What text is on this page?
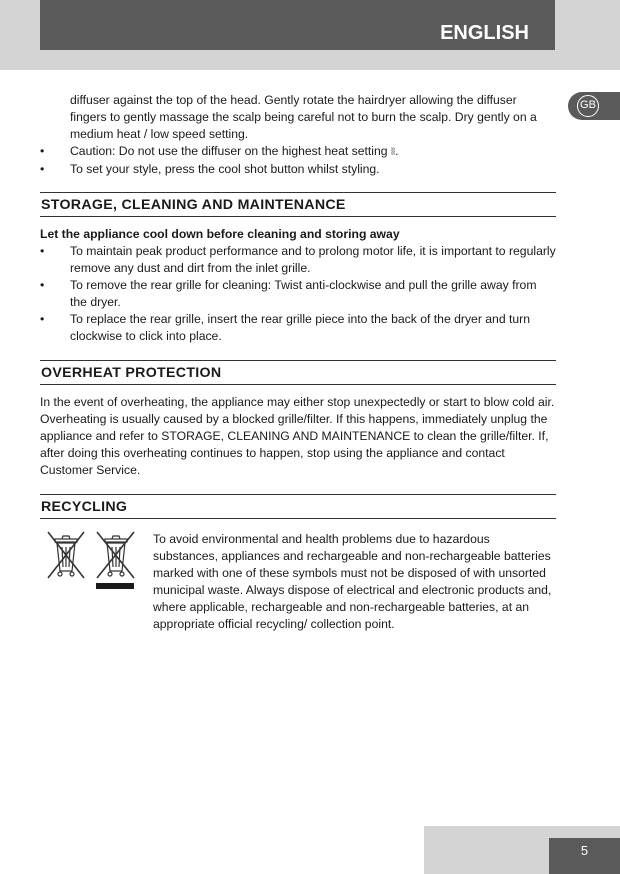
ENGLISH
GB
diffuser against the top of the head. Gently rotate the hairdryer allowing the diffuser fingers to gently massage the scalp being careful not to burn the scalp. Dry gently on a medium heat / low speed setting.
•	Caution: Do not use the diffuser on the highest heat setting ⦚⦚.
•	To set your style, press the cool shot button whilst styling.
STORAGE, CLEANING AND MAINTENANCE
Let the appliance cool down before cleaning and storing away
•	To maintain peak product performance and to prolong motor life, it is important to regularly remove any dust and dirt from the inlet grille.
•	To remove the rear grille for cleaning: Twist anti-clockwise and pull the grille away from the dryer.
•	To replace the rear grille, insert the rear grille piece into the back of the dryer and turn clockwise to click into place.
OVERHEAT PROTECTION
In the event of overheating, the appliance may either stop unexpectedly or start to blow cold air. Overheating is usually caused by a blocked grille/filter. If this happens, immediately unplug the appliance and refer to STORAGE, CLEANING AND MAINTENANCE to clean the grille/filter. If, after doing this overheating continues to happen, stop using the appliance and contact Customer Service.
RECYCLING
To avoid environmental and health problems due to hazardous substances, appliances and rechargeable and non-rechargeable batteries marked with one of these symbols must not be disposed of with unsorted municipal waste. Always dispose of electrical and electronic products and, where applicable, rechargeable and non-rechargeable batteries, at an appropriate official recycling/ collection point.
5
